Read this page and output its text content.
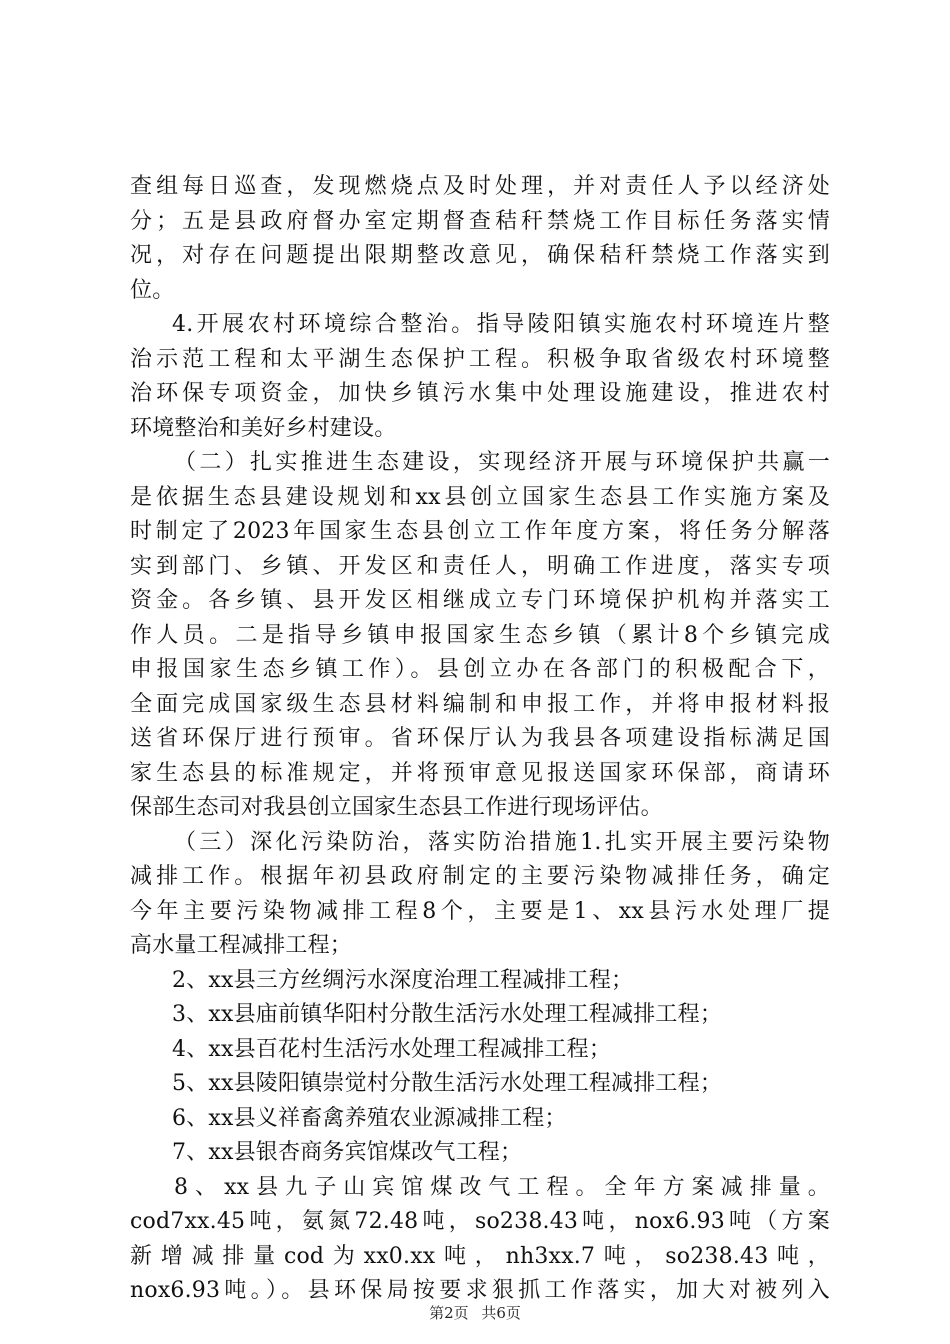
查组每日巡查，发现燃烧点及时处理，并对责任人予以经济处
分；五是县政府督办室定期督查秸秆禁烧工作目标任务落实情
况，对存在问题提出限期整改意见，确保秸秆禁烧工作落实到
位。
4.开展农村环境综合整治。指导陵阳镇实施农村环境连片整
治示范工程和太平湖生态保护工程。积极争取省级农村环境整
治环保专项资金，加快乡镇污水集中处理设施建设，推进农村
环境整治和美好乡村建设。
（二）扎实推进生态建设，实现经济开展与环境保护共赢一
是依据生态县建设规划和xx县创立国家生态县工作实施方案及
时制定了2023年国家生态县创立工作年度方案，将任务分解落
实到部门、乡镇、开发区和责任人，明确工作进度，落实专项
资金。各乡镇、县开发区相继成立专门环境保护机构并落实工
作人员。二是指导乡镇申报国家生态乡镇（累计8个乡镇完成
申报国家生态乡镇工作）。县创立办在各部门的积极配合下，
全面完成国家级生态县材料编制和申报工作，并将申报材料报
送省环保厅进行预审。省环保厅认为我县各项建设指标满足国
家生态县的标准规定，并将预审意见报送国家环保部，商请环
保部生态司对我县创立国家生态县工作进行现场评估。
（三）深化污染防治，落实防治措施1.扎实开展主要污染物
减排工作。根据年初县政府制定的主要污染物减排任务，确定
今年主要污染物减排工程8个，主要是1、xx县污水处理厂提
高水量工程减排工程；
2、xx县三方丝绸污水深度治理工程减排工程；
3、xx县庙前镇华阳村分散生活污水处理工程减排工程；
4、xx县百花村生活污水处理工程减排工程；
5、xx县陵阳镇崇觉村分散生活污水处理工程减排工程；
6、xx县义祥畜禽养殖农业源减排工程；
7、xx县银杏商务宾馆煤改气工程；
8、xx县九子山宾馆煤改气工程。全年方案减排量。
cod7xx.45吨，氨氮72.48吨，so238.43吨，nox6.93吨（方案
新增减排量cod为xx0.xx吨，nh3xx.7吨，so238.43吨，
nox6.93吨。）。县环保局按要求狠抓工作落实，加大对被列入
第2页 共6页
